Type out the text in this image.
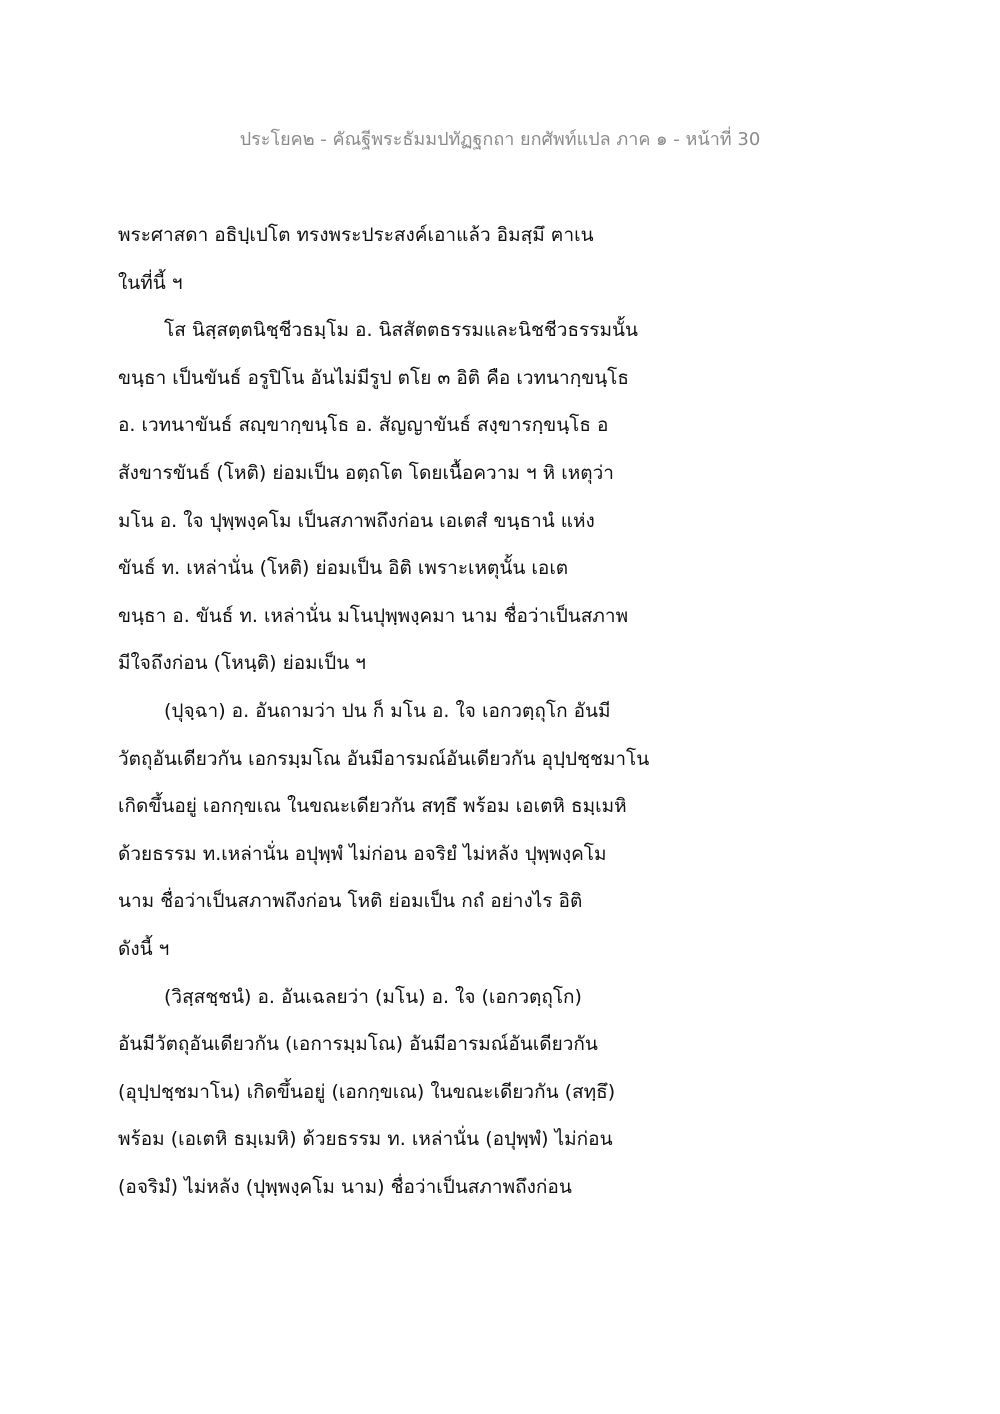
ประโยค๒ - คัณฐีพระธัมมปทัฏฐกถา ยกศัพท์แปล ภาค ๑ - หน้าที่ 30
พระศาสดา อธิปฺเปโต ทรงพระประสงค์เอาแล้ว อิมสฺมึ ฅาเน
ในที่นี้ ฯ
โส นิสฺสตฺตนิชฺชีวธมฺโม อ. นิสสัตตธรรมและนิชชีวธรรมนั้น
ขนฺธา เป็นขันธ์ อรูปิโน อันไม่มีรูป ตโย ๓ อิติ คือ เวทนากฺขนฺโธ
อ. เวทนาขันธ์ สญฺขากฺขนฺโธ อ. สัญญาขันธ์ สงฺขารกฺขนฺโธ อ
สังขารขันธ์ (โหติ) ย่อมเป็น อตฺถโต โดยเนื้อความ ฯ หิ เหตุว่า
มโน อ. ใจ ปุพฺพงฺคโม เป็นสภาพถึงก่อน เอเตสํ ขนฺธานํ แห่ง
ขันธ์ ท. เหล่านั่น (โหติ) ย่อมเป็น อิติ เพราะเหตุนั้น เอเต
ขนฺธา อ. ขันธ์ ท. เหล่านั่น มโนปุพฺพงฺคมา นาม ชื่อว่าเป็นสภาพ
มีใจถึงก่อน (โหนฺติ) ย่อมเป็น ฯ
(ปุจฺฉา) อ. อันถามว่า ปน ก็ มโน อ. ใจ เอกวตฺถุโก อันมี
วัตถุอันเดียวกัน เอกรมฺมโณ อันมีอารมณ์อันเดียวกัน อุปฺปชฺชมาโน
เกิดขึ้นอยู่ เอกกฺขเณ ในขณะเดียวกัน สทฺธึ พร้อม เอเตหิ ธมฺเมหิ
ด้วยธรรม ท.เหล่านั่น อปุพฺพํ ไม่ก่อน อจริยํ ไม่หลัง ปุพฺพงฺคโม
นาม ชื่อว่าเป็นสภาพถึงก่อน โหติ ย่อมเป็น กถํ อย่างไร อิติ
ดังนี้ ฯ
(วิสฺสชฺชนํ) อ. อันเฉลยว่า (มโน) อ. ใจ (เอกวตฺถุโก)
อันมีวัตถุอันเดียวกัน (เอการมฺมโณ) อันมีอารมณ์อันเดียวกัน
(อุปฺปชฺชมาโน) เกิดขึ้นอยู่ (เอกกฺขเณ) ในขณะเดียวกัน (สทฺธึ)
พร้อม (เอเตหิ ธมฺเมหิ) ด้วยธรรม ท. เหล่านั่น (อปุพฺพํ) ไม่ก่อน
(อจริมํ) ไม่หลัง (ปุพฺพงฺคโม นาม) ชื่อว่าเป็นสภาพถึงก่อน
